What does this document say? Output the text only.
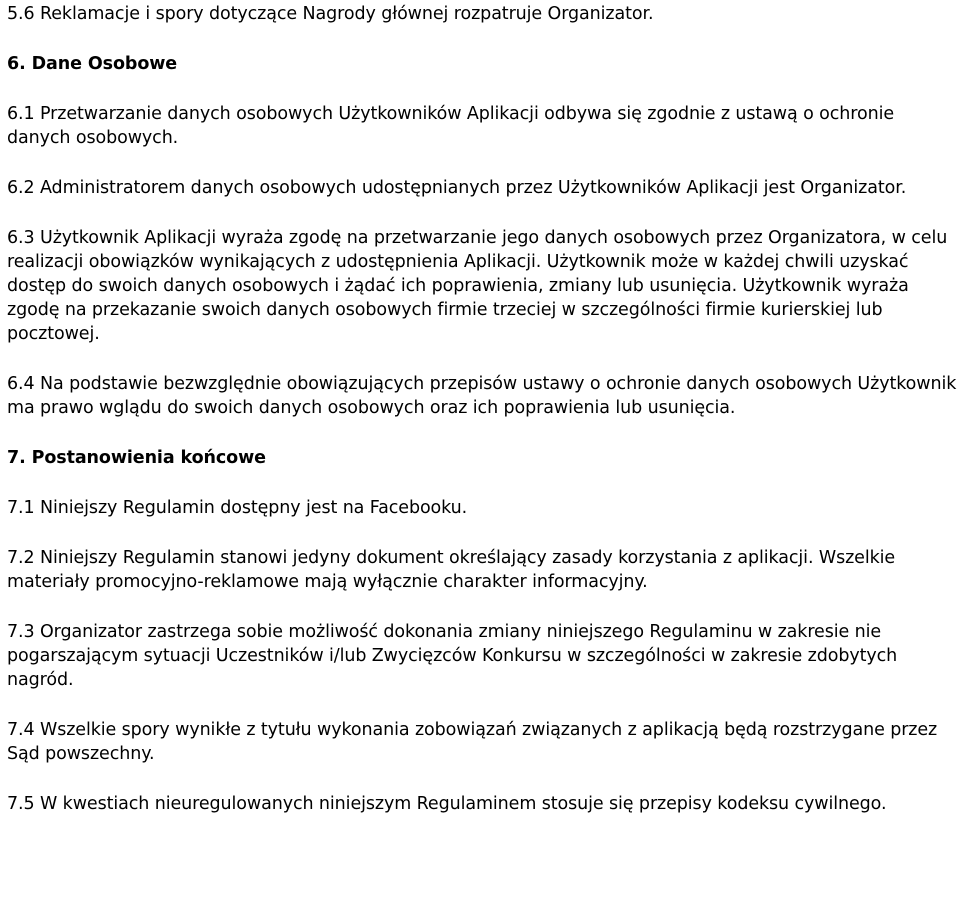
5.6 Reklamacje i spory dotyczące Nagrody głównej rozpatruje Organizator.

6. Dane Osobowe

6.1 Przetwarzanie danych osobowych Użytkowników Aplikacji odbywa się zgodnie z ustawą o ochronie danych osobowych.

6.2 Administratorem danych osobowych udostępnianych przez Użytkowników Aplikacji jest Organizator.

6.3 Użytkownik Aplikacji wyraża zgodę na przetwarzanie jego danych osobowych przez Organizatora, w celu realizacji obowiązków wynikających z udostępnienia Aplikacji. Użytkownik może w każdej chwili uzyskać dostęp do swoich danych osobowych i żądać ich poprawienia, zmiany lub usunięcia. Użytkownik wyraża zgodę na przekazanie swoich danych osobowych firmie trzeciej w szczególności firmie kurierskiej lub pocztowej.

6.4 Na podstawie bezwzględnie obowiązujących przepisów ustawy o ochronie danych osobowych Użytkownik ma prawo wglądu do swoich danych osobowych oraz ich poprawienia lub usunięcia.

7. Postanowienia końcowe

7.1 Niniejszy Regulamin dostępny jest na Facebooku.

7.2 Niniejszy Regulamin stanowi jedyny dokument określający zasady korzystania z aplikacji. Wszelkie materiały promocyjno-reklamowe mają wyłącznie charakter informacyjny.

7.3 Organizator zastrzega sobie możliwość dokonania zmiany niniejszego Regulaminu w zakresie nie pogarszającym sytuacji Uczestników i/lub Zwycięzców Konkursu w szczególności w zakresie zdobytych nagród.

7.4 Wszelkie spory wynikłe z tytułu wykonania zobowiązań związanych z aplikacją będą rozstrzygane przez Sąd powszechny.

7.5 W kwestiach nieuregulowanych niniejszym Regulaminem stosuje się przepisy kodeksu cywilnego.
